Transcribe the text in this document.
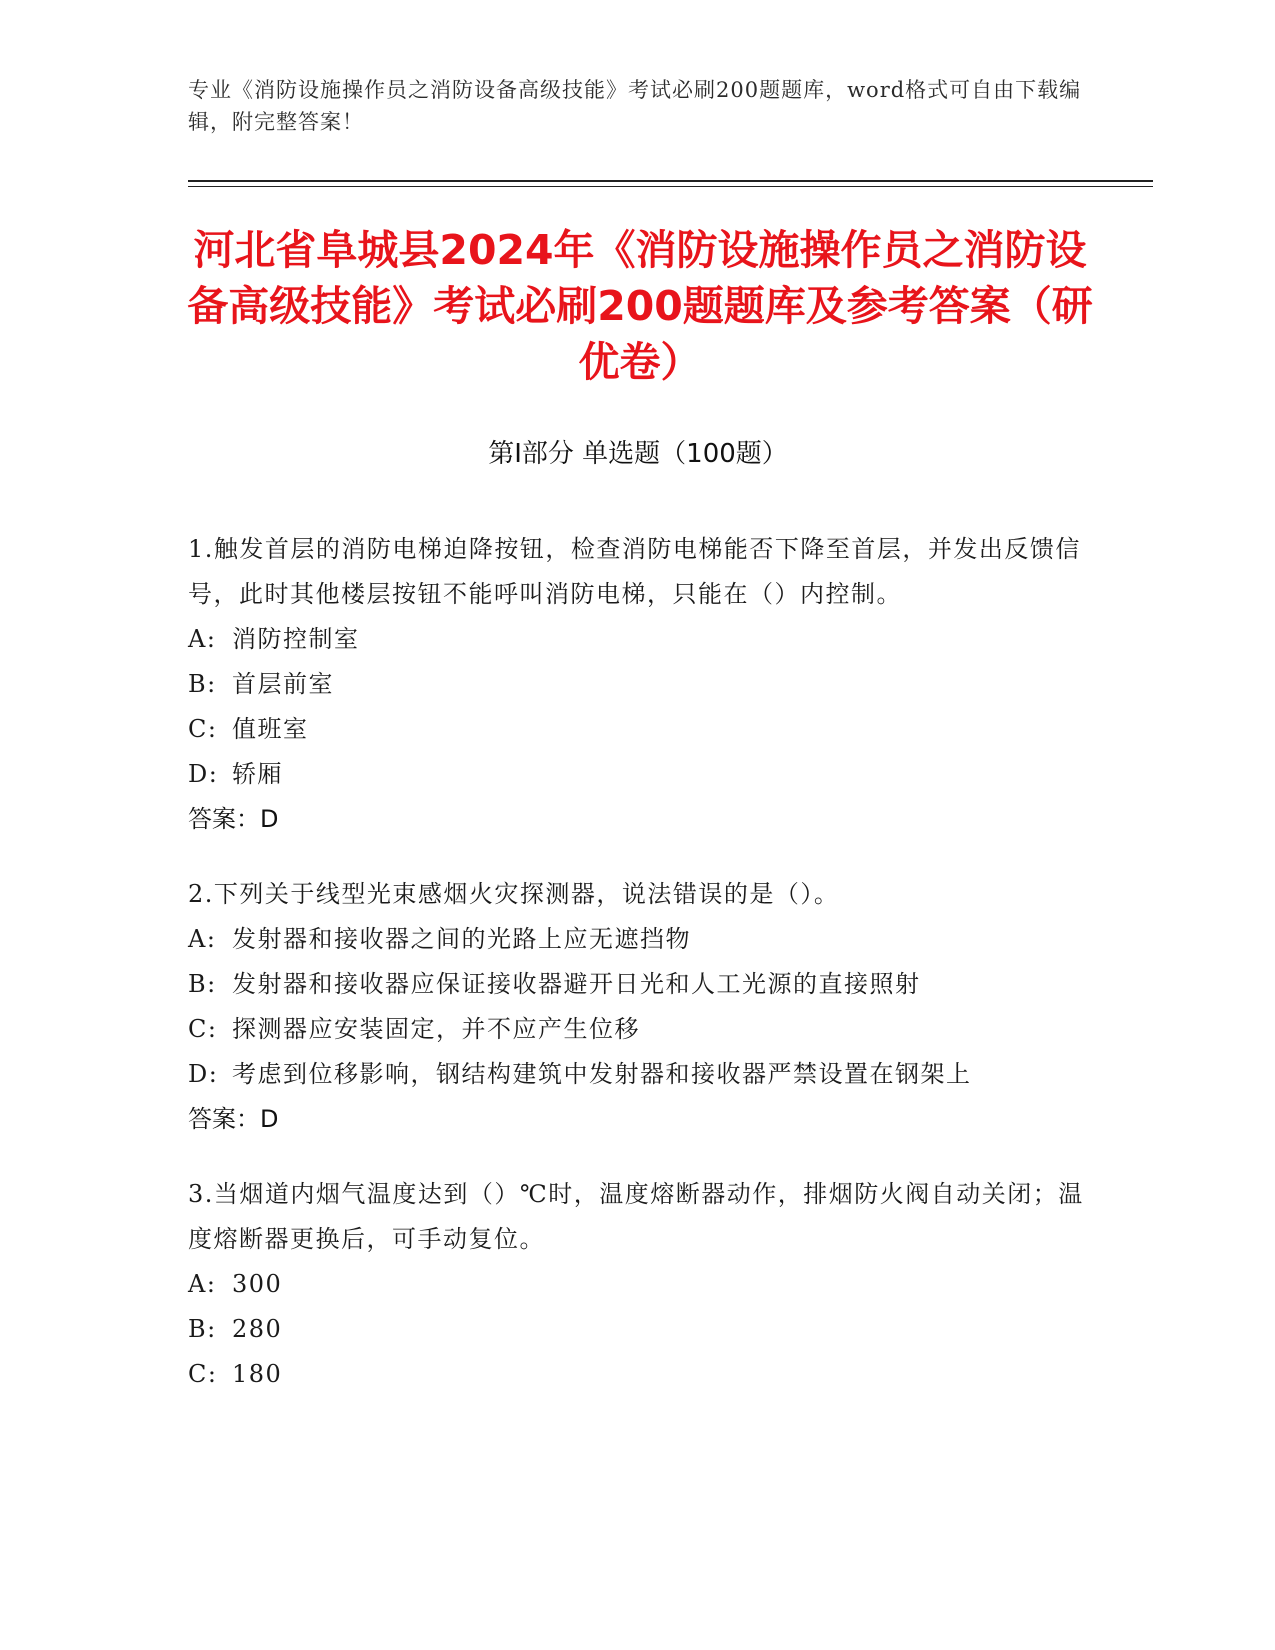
专业《消防设施操作员之消防设备高级技能》考试必刷200题题库，word格式可自由下载编辑，附完整答案！
河北省阜城县2024年《消防设施操作员之消防设备高级技能》考试必刷200题题库及参考答案（研优卷）
第Ⅰ部分 单选题（100题）
1.触发首层的消防电梯迫降按钮，检查消防电梯能否下降至首层，并发出反馈信号，此时其他楼层按钮不能呼叫消防电梯，只能在（）内控制。
A: 消防控制室
B: 首层前室
C: 值班室
D: 轿厢
答案：D
2.下列关于线型光束感烟火灾探测器，说法错误的是（）。
A: 发射器和接收器之间的光路上应无遮挡物
B: 发射器和接收器应保证接收器避开日光和人工光源的直接照射
C: 探测器应安装固定，并不应产生位移
D: 考虑到位移影响，钢结构建筑中发射器和接收器严禁设置在钢架上
答案：D
3.当烟道内烟气温度达到（）℃时，温度熔断器动作，排烟防火阀自动关闭；温度熔断器更换后，可手动复位。
A: 300
B: 280
C: 180
